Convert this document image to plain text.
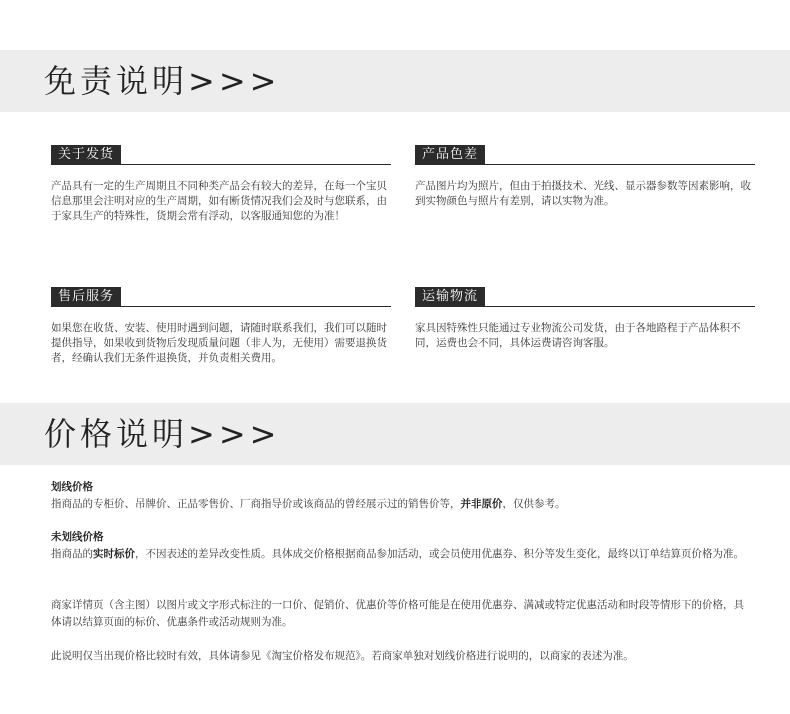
免责说明>>>
关于发货
产品具有一定的生产周期且不同种类产品会有较大的差异，在每一个宝贝信息那里会注明对应的生产周期，如有断货情况我们会及时与您联系，由于家具生产的特殊性，货期会常有浮动，以客服通知您的为准！
产品色差
产品图片均为照片，但由于拍摄技术、光线、显示器参数等因素影响，收到实物颜色与照片有差别，请以实物为准。
售后服务
如果您在收货、安装、使用时遇到问题，请随时联系我们，我们可以随时提供指导，如果收到货物后发现质量问题（非人为，无使用）需要退换货者，经确认我们无条件退换货，并负责相关费用。
运输物流
家具因特殊性只能通过专业物流公司发货，由于各地路程于产品体积不同，运费也会不同，具体运费请咨询客服。
价格说明>>>
划线价格
指商品的专柜价、吊牌价、正品零售价、厂商指导价或该商品的曾经展示过的销售价等，并非原价，仅供参考。
未划线价格
指商品的实时标价，不因表述的差异改变性质。具体成交价格根据商品参加活动，或会员使用优惠券、积分等发生变化，最终以订单结算页价格为准。
商家详情页（含主图）以图片或文字形式标注的一口价、促销价、优惠价等价格可能是在使用优惠券、满减或特定优惠活动和时段等情形下的价格，具体请以结算页面的标价、优惠条件或活动规则为准。
此说明仅当出现价格比较时有效，具体请参见《淘宝价格发布规范》。若商家单独对划线价格进行说明的，以商家的表述为准。
